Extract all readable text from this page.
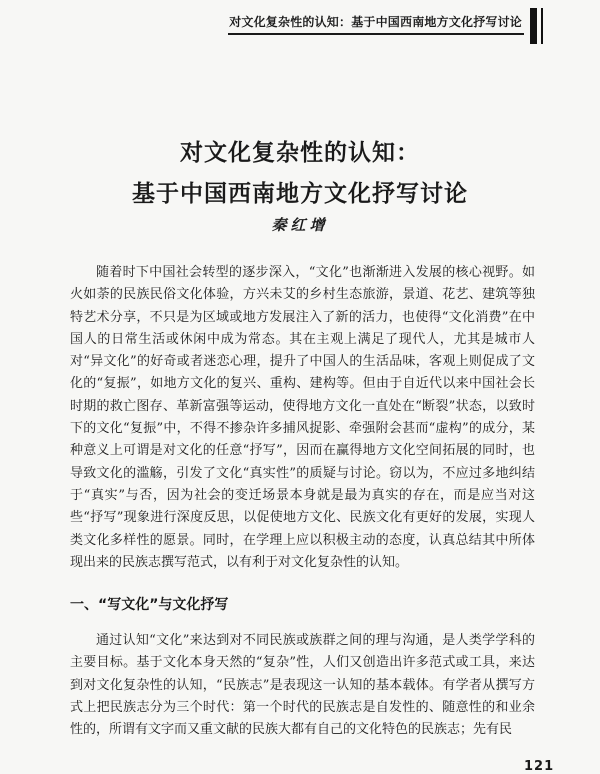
对文化复杂性的认知：基于中国西南地方文化抒写讨论
对文化复杂性的认知：
基于中国西南地方文化抒写讨论
秦红增

随着时下中国社会转型的逐步深入，“文化”也渐渐进入发展的核心视野。如火如荼的民族民俗文化体验，方兴未艾的乡村生态旅游，景道、花艺、建筑等独特艺术分享，不只是为区域或地方发展注入了新的活力，也使得“文化消费”在中国人的日常生活或休闲中成为常态。其在主观上满足了现代人，尤其是城市人对“异文化”的好奇或者迷恋心理，提升了中国人的生活品味，客观上则促成了文化的“复振”，如地方文化的复兴、重构、建构等。但由于自近代以来中国社会长时期的救亡图存、革新富强等运动，使得地方文化一直处在“断裂”状态，以致时下的文化“复振”中，不得不掺杂许多捕风捉影、牵强附会甚而“虚构”的成分，某种意义上可谓是对文化的任意“抒写”，因而在赢得地方文化空间拓展的同时，也导致文化的滥觞，引发了文化“真实性”的质疑与讨论。窃以为，不应过多地纠结于“真实”与否，因为社会的变迁场景本身就是最为真实的存在，而是应当对这些“抒写”现象进行深度反思，以促使地方文化、民族文化有更好的发展，实现人类文化多样性的愿景。同时，在学理上应以积极主动的态度，认真总结其中所体现出来的民族志撰写范式，以有利于对文化复杂性的认知。

一、“写文化”与文化抒写

通过认知“文化”来达到对不同民族或族群之间的理与沟通，是人类学学科的主要目标。基于文化本身天然的“复杂”性，人们又创造出许多范式或工具，来达到对文化复杂性的认知，“民族志”是表现这一认知的基本载体。有学者从撰写方式上把民族志分为三个时代：第一个时代的民族志是自发性的、随意性的和业余性的，所谓有文字而又重文献的民族大都有自己的文化特色的民族志；先有民

121
